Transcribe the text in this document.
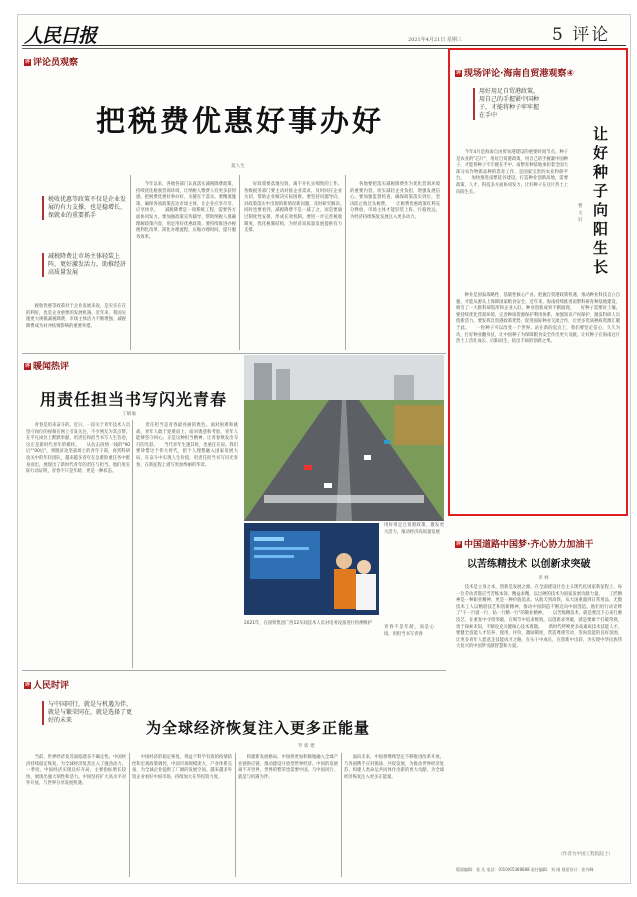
人民日报	2021年4月21日 星期三	5 评论
评 评论员观察
把税费优惠好事办好
夏人生
税收优惠等政策不仅是企业发展的有力支撑，也是稳增长、保就业的重要抓手
减税降费让市场主体轻装上阵，更好激发活力，助推经济高质量发展
　　税收优惠等政策对于企业发展来说，是实实在在的利好，也是企业重要的发展机遇。近年来，我国实施更大规模减税降费，市场主体活力不断增强，减税降费成为对冲疫情影响的重要举措。
　　今年以来，各地各部门认真落实减税降费政策，持续优化税收营商环境，让纳税人缴费人有更多获得感。把税费优惠好事办好，关键在于落实。要精准施策，确保各项政策直达市场主体，让企业应享尽享、应享快享。　　减税降费是一项系统工程，需要各方面协同发力。要加强政策宣传辅导，帮助纳税人准确理解政策内容，用足用好优惠政策。要持续推进办税便利化改革，简化办理流程，压缩办理时间，提升服务效率。
　　好政策要落地见效，离不开扎实细致的工作。各级税务部门要主动对接企业需求，及时回应企业关切，帮助企业解决实际困难。要坚持问题导向，对政策落实中出现的新情况新问题，及时研究解决。　　同时也要看到，减税降费不是一减了之，而是要通过制度性安排，形成长效机制。要进一步完善税收制度，优化税制结构，为经济高质量发展提供有力支撑。
　　各地要把落实减税降费作为优化营商环境的重要内容，切实减轻企业负担，增强发展信心。要加强监督检查，确保政策落实到位，坚决防止收过头税费。　　让税费优惠政策红利充分释放，市场主体才能轻装上阵、行稳致远，为经济持续恢复发展注入更多动力。
评 现场评论·海南自贸港观察④
用好用足自贸港政策，用自己的手握紧中国种子，才能将种子牢牢握在手中
让好种子向阳生长
曹文轩
　　今年4月是海南自由贸易港建设的重要时间节点。种子是农业的"芯片"，用好自贸港政策，用自己的手握紧中国种子，才能将种子牢牢握在手中。南繁育种基地承担着全国大部分农作物新品种的选育工作，是国家宝贵的农业科研平台。　　加快推进南繁硅谷建设，打造种业创新高地，需要政策、人才、科技多方面协同发力，让好种子在这片热土上向阳生长。
　　种业是国家战略性、基础性核心产业。把握自贸港政策机遇，推动种业科技自立自强，才能从源头上保障国家粮食安全。近年来，海南持续推进南繁科研育种基地建设，吸引了一大批科研院所和企业入驻，种业创新成果不断涌现。　　好种子需要好土壤。要持续优化营商环境，完善种质资源保护利用体系，加强知识产权保护，激发科研人员创新活力。要发挥自贸港政策优势，促进国际种业交流合作，让更多优质种质资源汇聚于此。　　一粒种子可以改变一个世界。站在新的起点上，我们要坚定信心、久久为功，打好种业翻身仗，让中国种子为保障粮食安全作出更大贡献，让好种子在海南这片热土上茁壮成长、向阳而生，结出丰硕的创新之果。
评 暖闻热评
用责任担当书写闪光青春
丁晴瑜
　　青春是用来奋斗的。近日，一段关于青年技术人员坚守岗位的视频在网上引发关注，不少网友为其点赞。在平凡岗位上默默奉献，用责任和担当书写人生答卷，这正是新时代青年的模样。　　从抗击疫情一线的"90后""00后"，到脱贫攻坚战场上的青年干部，再到科研攻关中的年轻团队，越来越多青年在急难险重任务中挺身而出，展现出了新时代青年的责任与担当。他们用实际行动证明，青春不只是年龄，更是一种状态。
　　责任担当是青春最亮丽的底色。面对困难和挑战，青年人敢于迎难而上；面对诱惑和考验，青年人能够坚守初心。正是这种担当精神，让青春焕发出夺目的光彩。　　当代青年生逢其时，也重任在肩。我们要珍惜这个伟大时代，把个人理想融入国家发展大局，在奋斗中实现人生价值，用责任担当书写闪光青春，在新征程上谱写更加绚丽的华章。
用好用足自贸港政策，激发更大活力，推动经济高质量发展
2021年，在国铁集团广西12车间技术人员对电务设备进行检测维护
青春不是年龄，而是心境，用担当书写青春
评 中国道路中国梦·齐心协力加油干
以苦练精技术 以创新求突破
李 林
　　技术是立身之本，创新是发展之源。在全面建设社会主义现代化国家新征程上，每一位劳动者都应当苦练本领、精益求精，以过硬的技术为国家发展贡献力量。　　工匠精神是一种职业精神，更是一种价值追求。从航天到高铁，从大国重器到日常用品，无数技术工人以精湛技艺和创新精神，推动中国制造不断迈向中国创造。他们用行动诠释了"干一行爱一行、钻一行精一行"的敬业精神。　　以苦练精技术，就是要沉下心来打磨技艺，在重复中寻找突破，在细节中追求极致。以创新求突破，就是要敢于打破常规，勇于探索未知，不断攻克关键核心技术难题。　　新时代呼唤更多高素质技术技能人才。要健全技能人才培养、使用、评价、激励制度，营造尊重劳动、崇尚技能的良好氛围，让更多青年人愿意走技能成才之路，在实干中成长，在创新中出彩，为实现中华民族伟大复兴的中国梦贡献智慧和力量。
（作者为中国工程院院士）
评 人民时评
与中国同行，就是与机遇为伴，就是与繁荣同在，就是选择了更好的未来	为全球经济恢复注入更多正能量
罗 新 建
　　当前，世界经济复苏面临诸多不确定性。中国经济持续稳定恢复，为全球经济复苏注入了强劲动力。一季度，中国经济实现良好开局，主要指标增长较快，展现出强大韧性和活力。中国坚持扩大高水平对外开放，与世界分享发展机遇。
　　中国经济的稳定恢复，得益于科学有效的疫情防控和宏观政策调控。中国市场规模庞大、产业体系完备，为全球企业提供了广阔的发展空间。越来越多外资企业看好中国市场，持续加大在华投资力度。
　　构建新发展格局，中国将更加积极地融入全球产业链供应链，推动建设开放型世界经济。中国的发展离不开世界，世界的繁荣也需要中国。与中国同行，就是与机遇为伴。
　　面向未来，中国将继续坚定不移推进改革开放，与各国携手应对挑战、共促发展，为推动世界经济复苏、构建人类命运共同体作出新的更大贡献，为全球经济恢复注入更多正能量。
版面编辑：张 凡 电话：(010)65368888 责任编辑：刘 刚 视觉设计：张丹峰
